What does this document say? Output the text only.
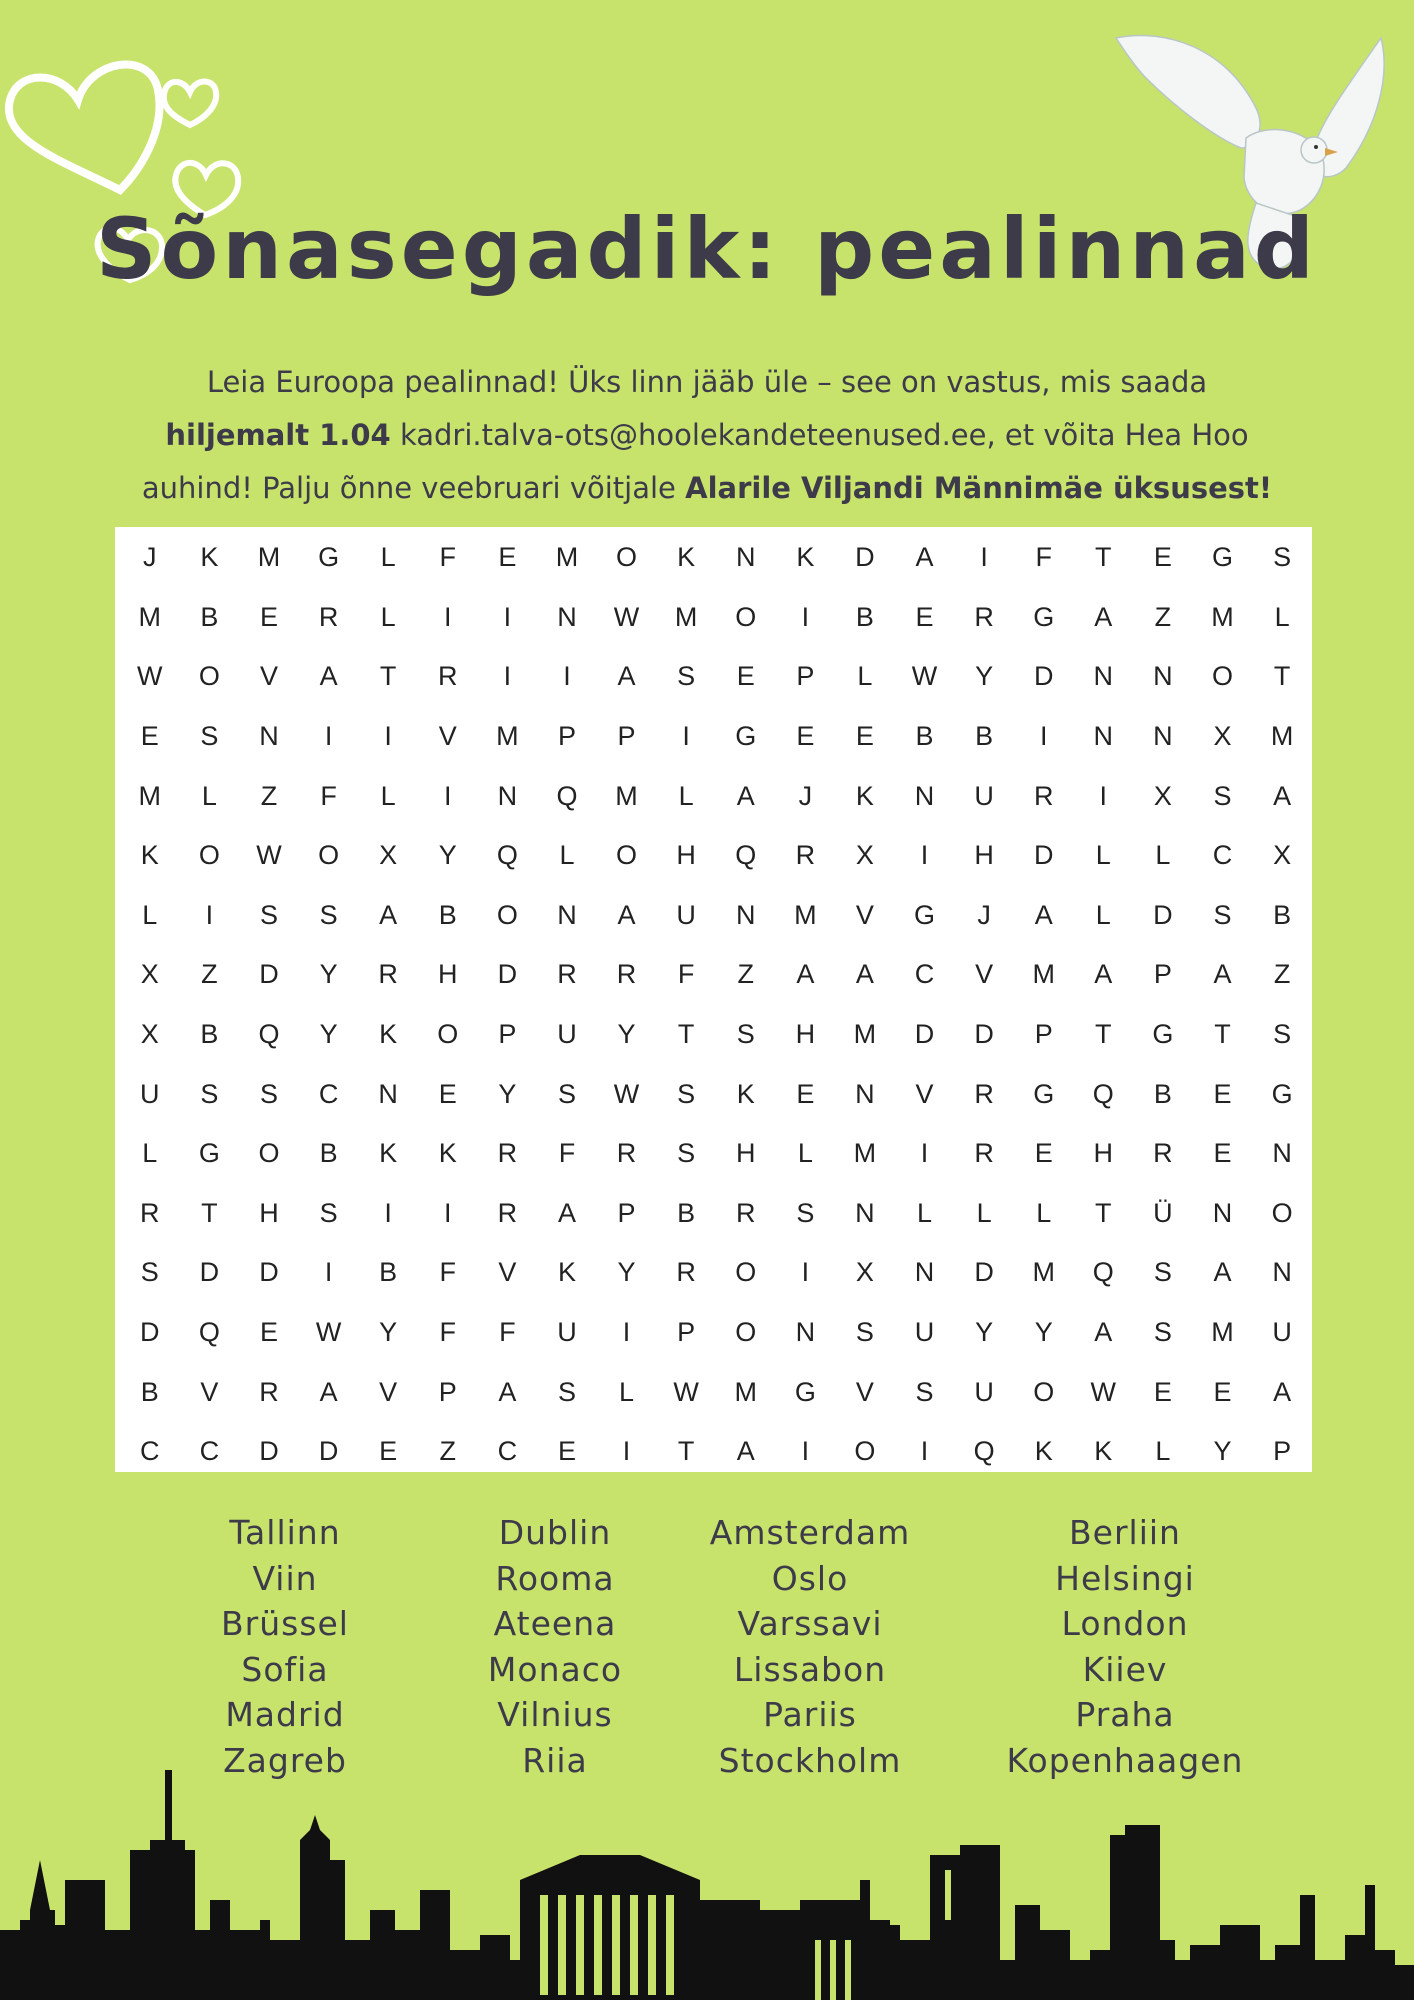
Sõnasegadik: pealinnad
Leia Euroopa pealinnad! Üks linn jääb üle – see on vastus, mis saada
hiljemalt 1.04 kadri.talva-ots@hoolekandeteenused.ee, et võita Hea Hoo
auhind! Palju õnne veebruari võitjale Alarile Viljandi Männimäe üksusest!
J	K	M	G	L	F	E	M	O	K	N	K	D	A	I	F	T	E	G	S
M	B	E	R	L	I	I	N	W	M	O	I	B	E	R	G	A	Z	M	L
W	O	V	A	T	R	I	I	A	S	E	P	L	W	Y	D	N	N	O	T
E	S	N	I	I	V	M	P	P	I	G	E	E	B	B	I	N	N	X	M
M	L	Z	F	L	I	N	Q	M	L	A	J	K	N	U	R	I	X	S	A
K	O	W	O	X	Y	Q	L	O	H	Q	R	X	I	H	D	L	L	C	X
L	I	S	S	A	B	O	N	A	U	N	M	V	G	J	A	L	D	S	B
X	Z	D	Y	R	H	D	R	R	F	Z	A	A	C	V	M	A	P	A	Z
X	B	Q	Y	K	O	P	U	Y	T	S	H	M	D	D	P	T	G	T	S
U	S	S	C	N	E	Y	S	W	S	K	E	N	V	R	G	Q	B	E	G
L	G	O	B	K	K	R	F	R	S	H	L	M	I	R	E	H	R	E	N
R	T	H	S	I	I	R	A	P	B	R	S	N	L	L	L	T	Ü	N	O
S	D	D	I	B	F	V	K	Y	R	O	I	X	N	D	M	Q	S	A	N
D	Q	E	W	Y	F	F	U	I	P	O	N	S	U	Y	Y	A	S	M	U
B	V	R	A	V	P	A	S	L	W	M	G	V	S	U	O	W	E	E	A
C	C	D	D	E	Z	C	E	I	T	A	I	O	I	Q	K	K	L	Y	P
Tallinn
Viin
Brüssel
Sofia
Madrid
Zagreb
Dublin
Rooma
Ateena
Monaco
Vilnius
Riia
Amsterdam
Oslo
Varssavi
Lissabon
Pariis
Stockholm
Berliin
Helsingi
London
Kiiev
Praha
Kopenhaagen
